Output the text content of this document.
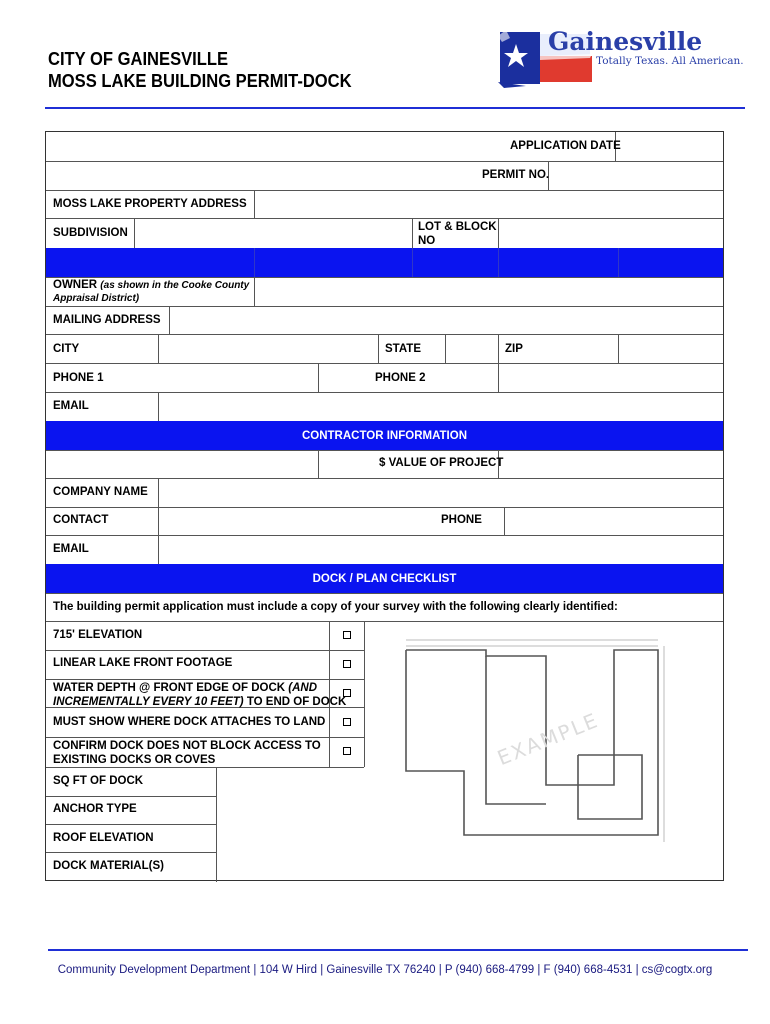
CITY OF GAINESVILLE
MOSS LAKE BUILDING PERMIT-DOCK
Gainesville
Totally Texas. All American.
CONTRACTOR INFORMATION
DOCK / PLAN CHECKLIST
APPLICATION DATE
PERMIT NO.
MOSS LAKE PROPERTY ADDRESS
SUBDIVISION	LOT & BLOCK
NO
OWNER (as shown in the Cooke County
Appraisal District)
MAILING ADDRESS
CITY	STATE	ZIP
PHONE 1	PHONE 2
EMAIL
$ VALUE OF PROJECT
COMPANY NAME
CONTACT	PHONE
EMAIL
The building permit application must include a copy of your survey with the following clearly identified:
715' ELEVATION
LINEAR LAKE FRONT FOOTAGE
WATER DEPTH @ FRONT EDGE OF DOCK (AND
INCREMENTALLY EVERY 10 FEET) TO END OF DOCK
MUST SHOW WHERE DOCK ATTACHES TO LAND
CONFIRM DOCK DOES NOT BLOCK ACCESS TO
EXISTING DOCKS OR COVES
SQ FT OF DOCK
ANCHOR TYPE
ROOF ELEVATION
DOCK MATERIAL(S)
EXAMPLE
Community Development Department | 104 W Hird | Gainesville TX 76240 | P (940) 668-4799 | F (940) 668-4531 | cs@cogtx.org
